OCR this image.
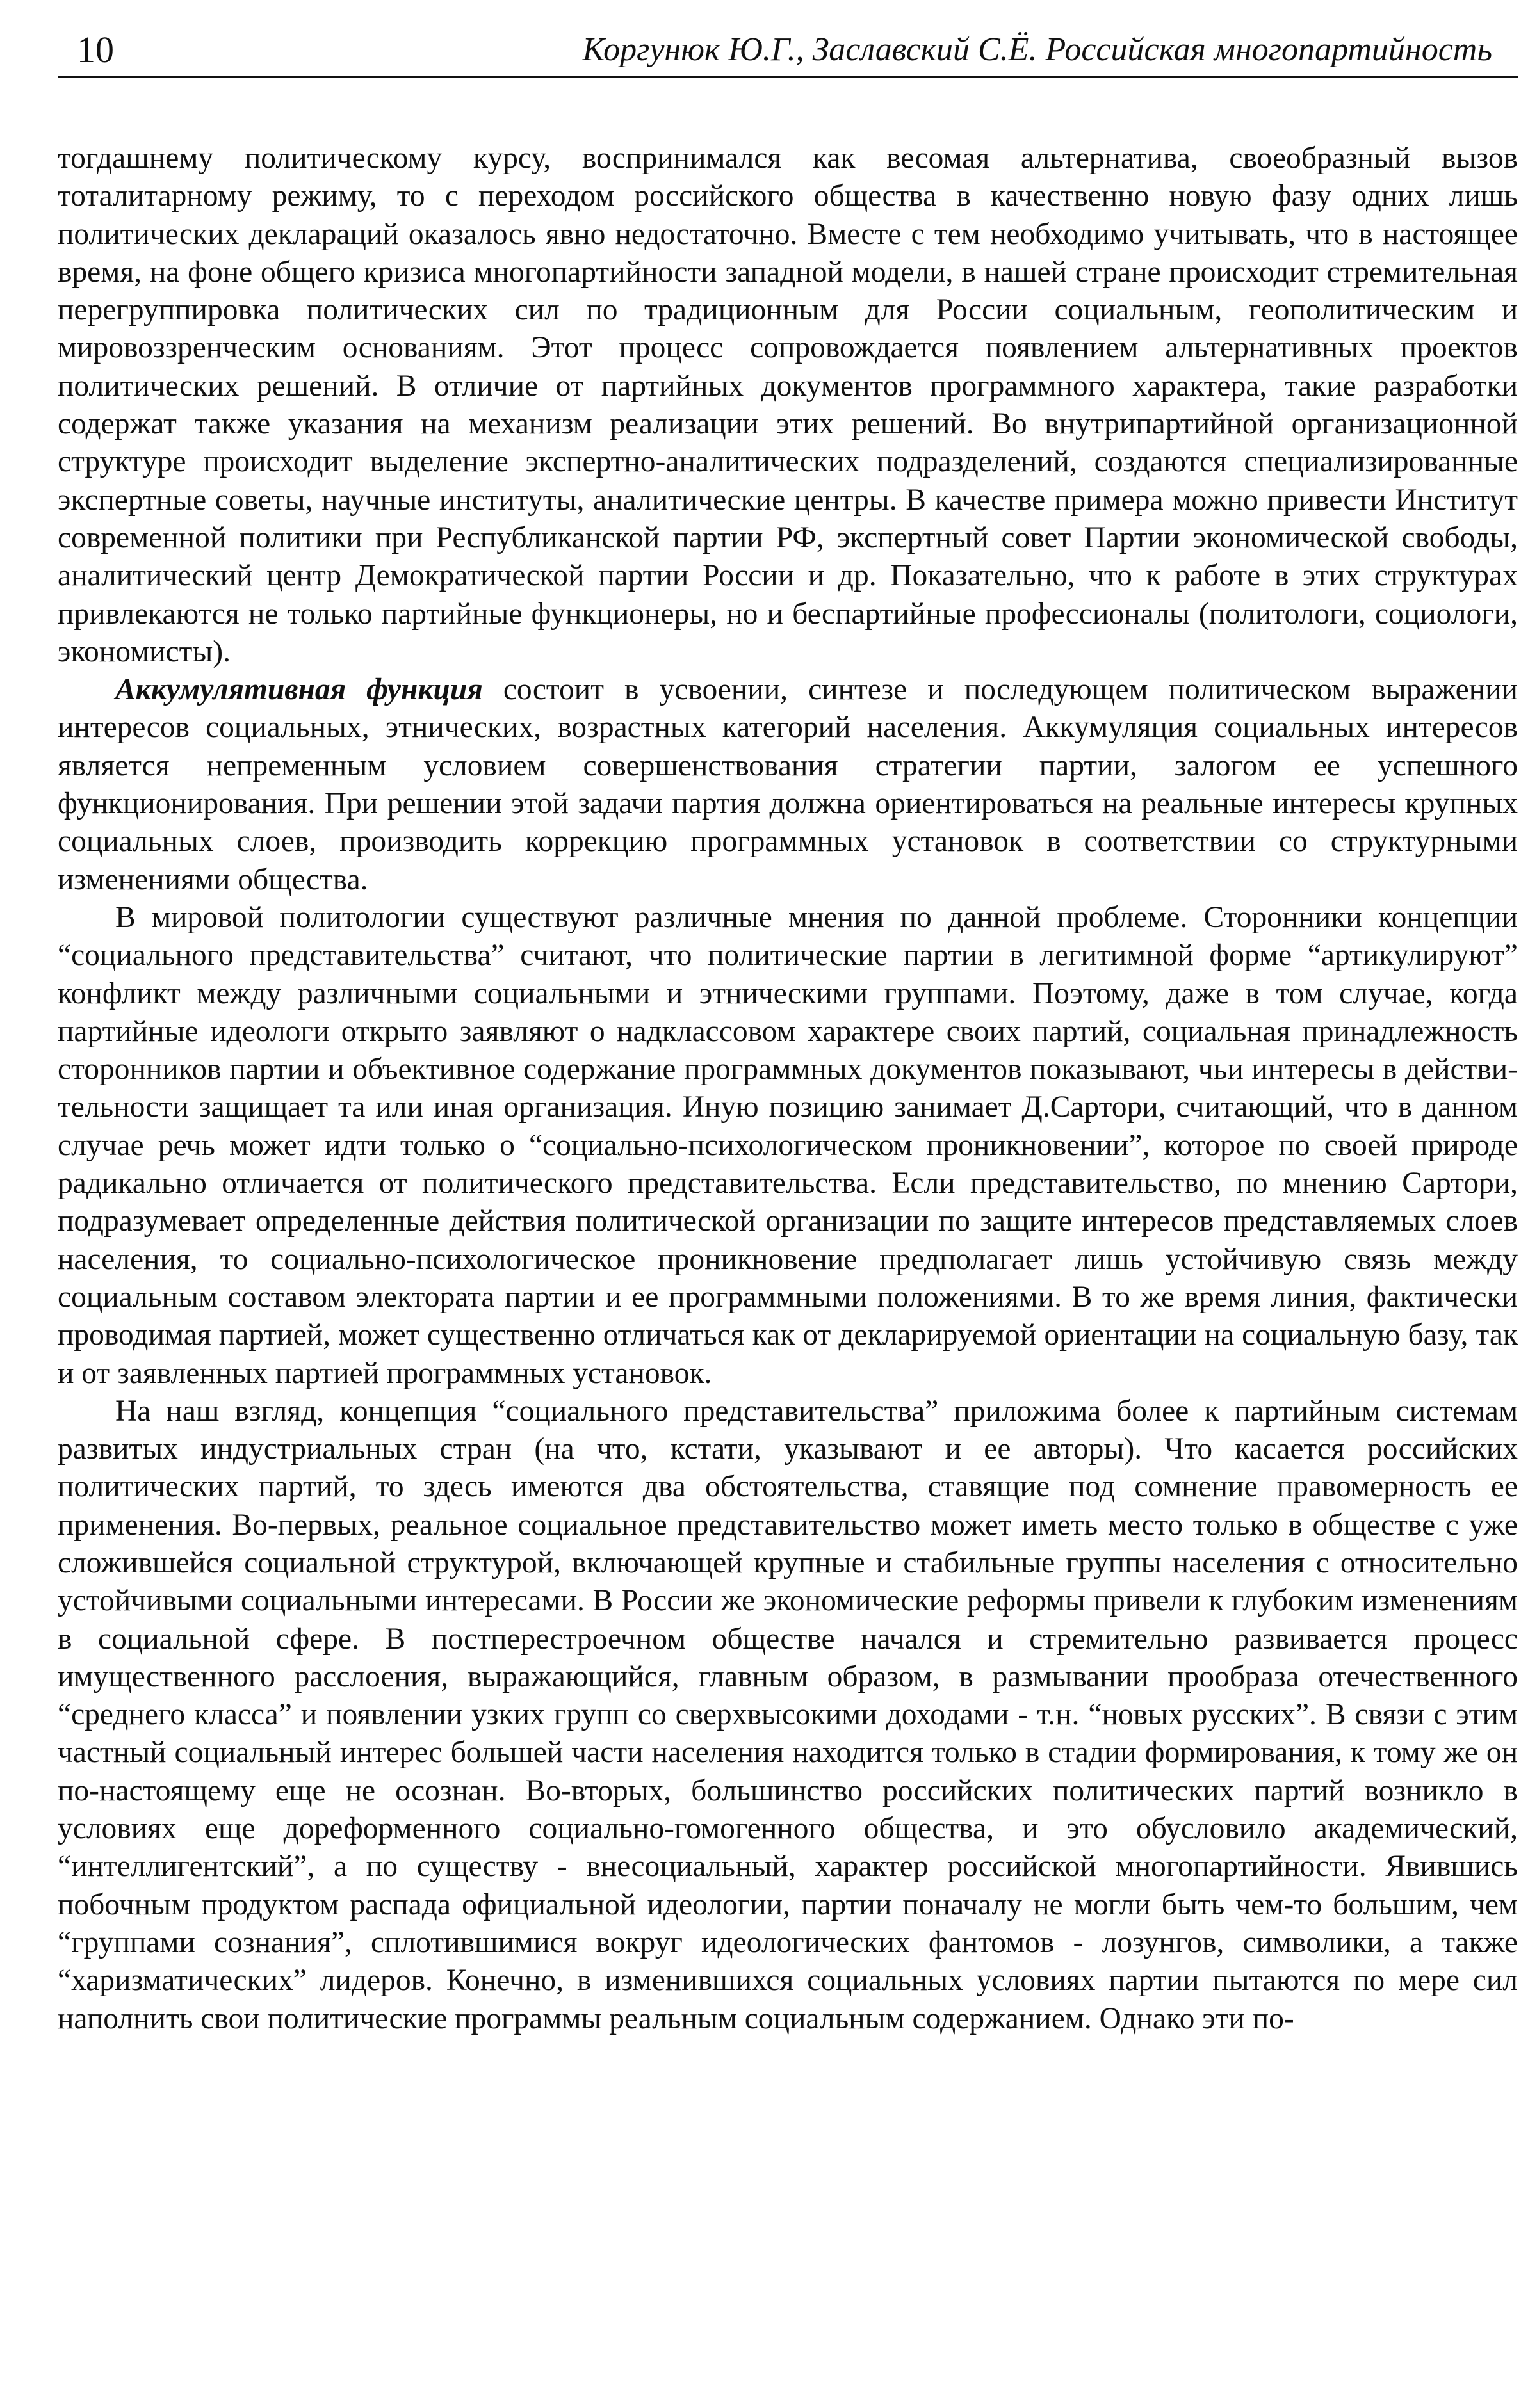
10	Коргунюк Ю.Г., Заславский С.Ё. Российская многопартийность

тогдашнему политическому курсу, воспринимался как весомая альтернатива, своеобразный вызов тоталитарному режиму, то с переходом российского общества в качественно новую фазу одних лишь политических деклараций оказалось явно недостаточно. Вместе с тем необходимо учитывать, что в настоящее время, на фоне общего кризиса многопартийности западной модели, в нашей стране происходит стремительная перегруппировка политических сил по традиционным для России социальным, геополитическим и мировоззренческим основаниям. Этот процесс сопровождается появлением альтернативных проектов политических решений. В отличие от партийных документов программного характера, такие разработки содержат также указания на механизм реализации этих решений. Во внутрипартийной организационной структуре происходит выделение экспертно-аналитических подразделений, создаются специализированные экспертные советы, научные институты, аналитические центры. В качестве примера можно привести Институт современной политики при Республиканской партии РФ, экспертный совет Партии экономической свободы, аналитический центр Демократической партии России и др. Показательно, что к работе в этих структурах привлекаются не только партийные функционеры, но и беспартийные профессионалы (политологи, социологи, экономисты).

Аккумулятивная функция состоит в усвоении, синтезе и последующем политическом выражении интересов социальных, этнических, возрастных категорий населения. Аккумуляция социальных интересов является непременным условием совершенствования стратегии партии, залогом ее успешного функционирования. При решении этой задачи партия должна ориентироваться на реальные интересы крупных социальных слоев, производить коррекцию программных установок в соответствии со структурными изменениями общества.

В мировой политологии существуют различные мнения по данной проблеме. Сторонники концепции “социального представительства” считают, что политические партии в легитимной форме “артикулируют” конфликт между различными социальными и этническими группами. Поэтому, даже в том случае, когда партийные идеологи открыто заявляют о надклассовом характере своих партий, социальная принадлежность сторонников партии и объективное содержание программных документов показывают, чьи интересы в действительности защищает та или иная организация. Иную позицию занимает Д.Сартори, считающий, что в данном случае речь может идти только о “социально-психологическом проникновении”, которое по своей природе радикально отличается от политического представительства. Если представительство, по мнению Сартори, подразумевает определенные действия политической организации по защите интересов представляемых слоев населения, то социально-психологическое проникновение предполагает лишь устойчивую связь между социальным составом электората партии и ее программными положениями. В то же время линия, фактически проводимая партией, может существенно отличаться как от декларируемой ориентации на социальную базу, так и от заявленных партией программных установок.

На наш взгляд, концепция “социального представительства” приложима более к партийным системам развитых индустриальных стран (на что, кстати, указывают и ее авторы). Что касается российских политических партий, то здесь имеются два обстоятельства, ставящие под сомнение правомерность ее применения. Во-первых, реальное социальное представительство может иметь место только в обществе с уже сложившейся социальной структурой, включающей крупные и стабильные группы населения с относительно устойчивыми социальными интересами. В России же экономические реформы привели к глубоким изменениям в социальной сфере. В постперестроечном обществе начался и стремительно развивается процесс имущественного расслоения, выражающийся, главным образом, в размывании прообраза отечественного “среднего класса” и появлении узких групп со сверхвысокими доходами - т.н. “новых русских”. В связи с этим частный социальный интерес большей части населения находится только в стадии формирования, к тому же он по-настоящему еще не осознан. Во-вторых, большинство российских политических партий возникло в условиях еще дореформенного социально-гомогенного общества, и это обусловило академический, “интеллигентский”, а по существу - внесоциальный, характер российской многопартийности. Явившись побочным продуктом распада официальной идеологии, партии поначалу не могли быть чем-то большим, чем “группами сознания”, сплотившимися вокруг идеологических фантомов - лозунгов, символики, а также “харизматических” лидеров. Конечно, в изменившихся социальных условиях партии пытаются по мере сил наполнить свои политические программы реальным социальным содержанием. Однако эти по-
